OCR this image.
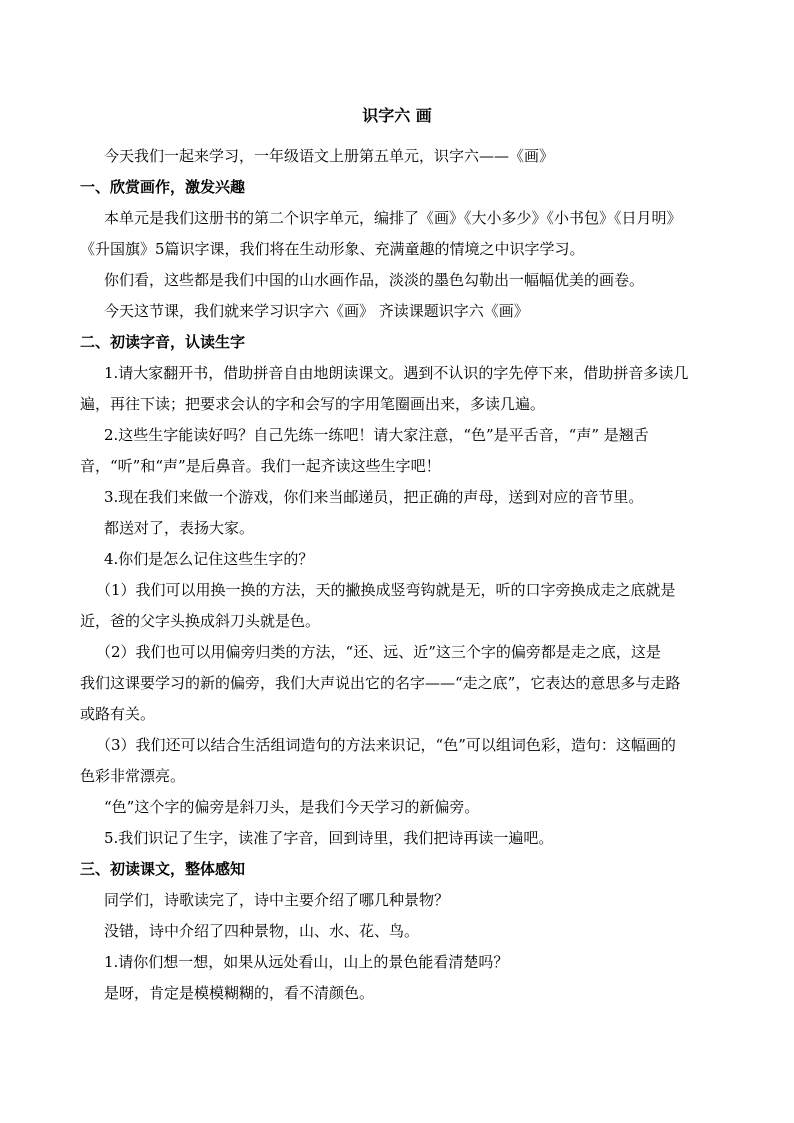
识字六 画

今天我们一起来学习，一年级语文上册第五单元，识字六——《画》

一、欣赏画作，激发兴趣

本单元是我们这册书的第二个识字单元，编排了《画》《大小多少》《小书包》《日月明》

《升国旗》5篇识字课，我们将在生动形象、充满童趣的情境之中识字学习。

你们看，这些都是我们中国的山水画作品，淡淡的墨色勾勒出一幅幅优美的画卷。

今天这节课，我们就来学习识字六《画》 齐读课题识字六《画》

二、初读字音，认读生字

1.请大家翻开书，借助拼音自由地朗读课文。遇到不认识的字先停下来，借助拼音多读几

遍，再往下读；把要求会认的字和会写的字用笔圈画出来，多读几遍。

2.这些生字能读好吗？自己先练一练吧！请大家注意，“色”是平舌音，“声” 是翘舌

音，“听”和“声”是后鼻音。我们一起齐读这些生字吧！

3.现在我们来做一个游戏，你们来当邮递员，把正确的声母，送到对应的音节里。

都送对了，表扬大家。

4.你们是怎么记住这些生字的？

（1）我们可以用换一换的方法，天的撇换成竖弯钩就是无，听的口字旁换成走之底就是

近，爸的父字头换成斜刀头就是色。

（2）我们也可以用偏旁归类的方法，“还、远、近”这三个字的偏旁都是走之底，这是

我们这课要学习的新的偏旁，我们大声说出它的名字——“走之底”，它表达的意思多与走路

或路有关。

（3）我们还可以结合生活组词造句的方法来识记，“色”可以组词色彩，造句：这幅画的

色彩非常漂亮。

“色”这个字的偏旁是斜刀头，是我们今天学习的新偏旁。

5.我们识记了生字，读准了字音，回到诗里，我们把诗再读一遍吧。

三、初读课文，整体感知

同学们，诗歌读完了，诗中主要介绍了哪几种景物？

没错，诗中介绍了四种景物，山、水、花、鸟。

1.请你们想一想，如果从远处看山，山上的景色能看清楚吗？

是呀，肯定是模模糊糊的，看不清颜色。
